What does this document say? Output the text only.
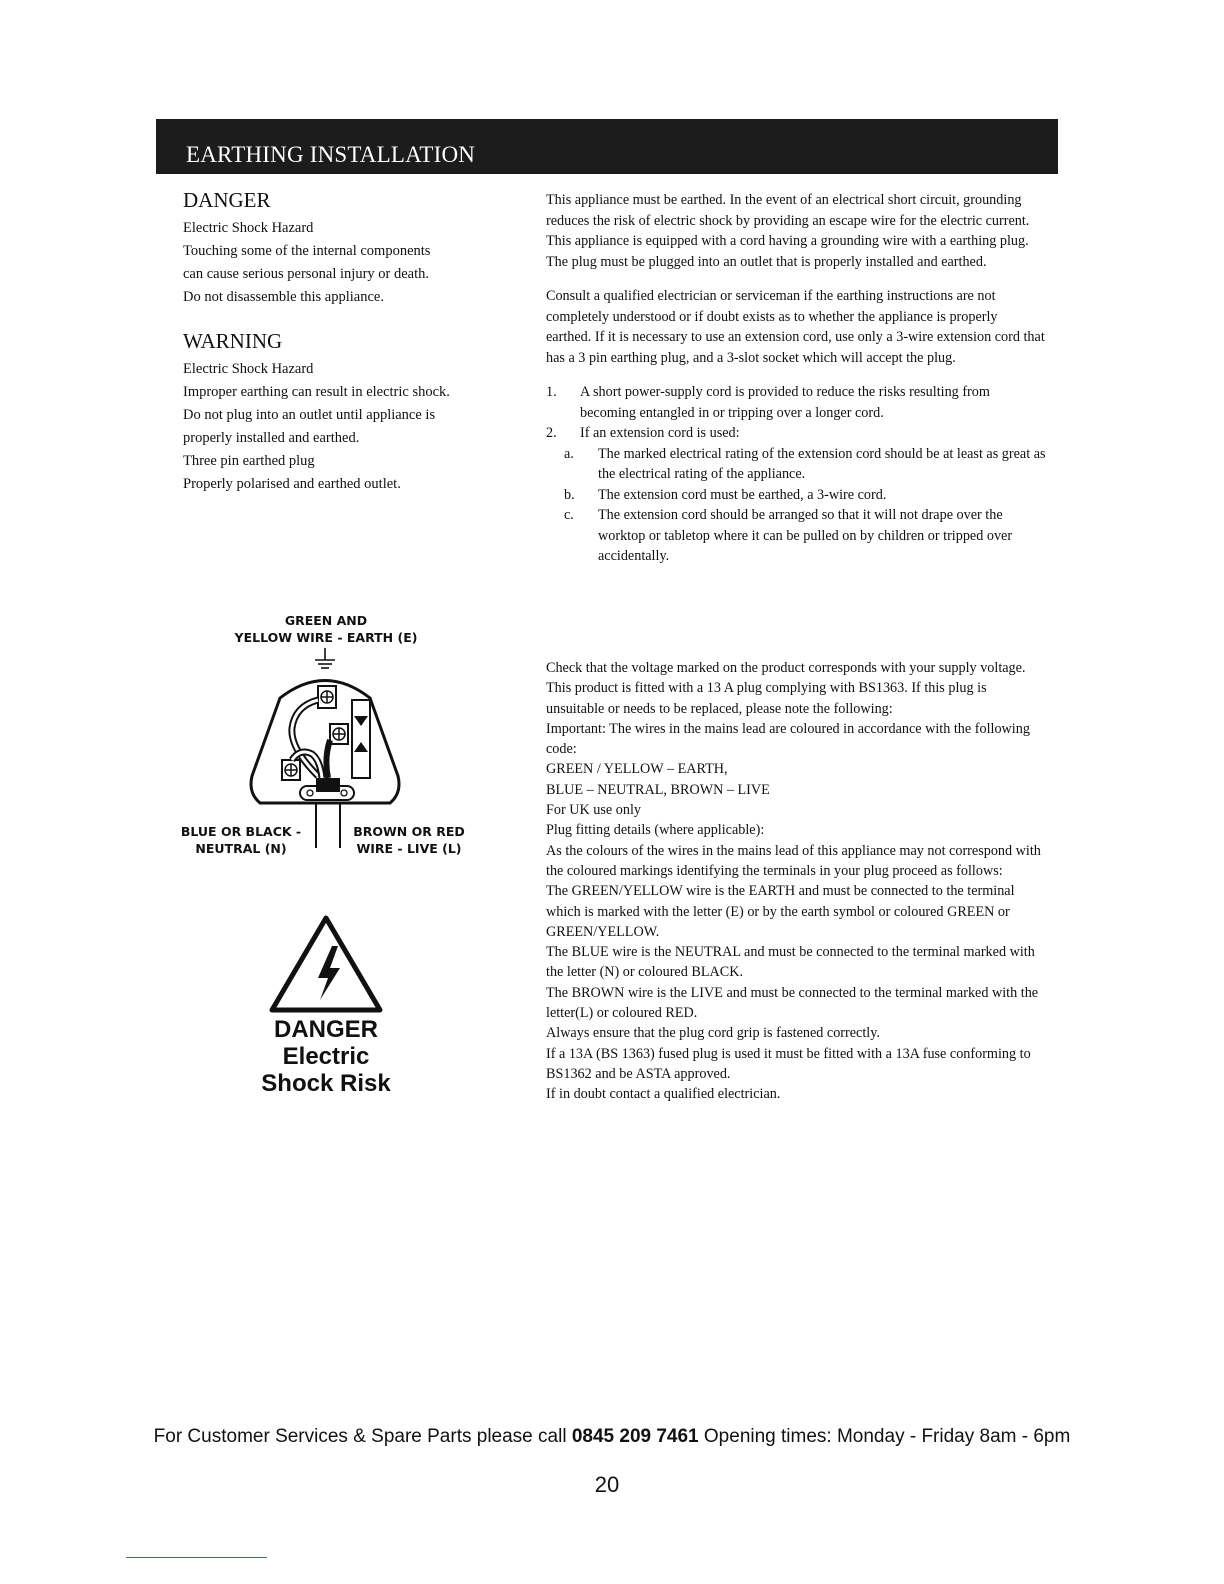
EARTHING INSTALLATION
DANGER
Electric Shock Hazard
Touching some of the internal components
can cause serious personal injury or death.
Do not disassemble this appliance.
WARNING
Electric Shock Hazard
Improper earthing can result in electric shock.
Do not plug into an outlet until appliance is
properly installed and earthed.
Three pin earthed plug
Properly polarised and earthed outlet.

This appliance must be earthed. In the event of an electrical short circuit, grounding reduces the risk of electric shock by providing an escape wire for the electric current. This appliance is equipped with a cord having a grounding wire with a earthing plug. The plug must be plugged into an outlet that is properly installed and earthed.

Consult a qualified electrician or serviceman if the earthing instructions are not completely understood or if doubt exists as to whether the appliance is properly earthed. If it is necessary to use an extension cord, use only a 3-wire extension cord that has a 3 pin earthing plug, and a 3-slot socket which will accept the plug.

1. A short power-supply cord is provided to reduce the risks resulting from becoming entangled in or tripping over a longer cord.
2. If an extension cord is used:
a. The marked electrical rating of the extension cord should be at least as great as the electrical rating of the appliance.
b. The extension cord must be earthed, a 3-wire cord.
c. The extension cord should be arranged so that it will not drape over the worktop or tabletop where it can be pulled on by children or tripped over accidentally.
Check that the voltage marked on the product corresponds with your supply voltage.
This product is fitted with a 13 A plug complying with BS1363. If this plug is unsuitable or needs to be replaced, please note the following:
Important: The wires in the mains lead are coloured in accordance with the following code:
GREEN / YELLOW – EARTH,
BLUE – NEUTRAL, BROWN – LIVE
For UK use only
Plug fitting details (where applicable):
As the colours of the wires in the mains lead of this appliance may not correspond with the coloured markings identifying the terminals in your plug proceed as follows:
The GREEN/YELLOW wire is the EARTH and must be connected to the terminal which is marked with the letter (E) or by the earth symbol or coloured GREEN or GREEN/YELLOW.
The BLUE wire is the NEUTRAL and must be connected to the terminal marked with the letter (N) or coloured BLACK.
The BROWN wire is the LIVE and must be connected to the terminal marked with the letter(L) or coloured RED.
Always ensure that the plug cord grip is fastened correctly.
If a 13A (BS 1363) fused plug is used it must be fitted with a 13A fuse conforming to BS1362 and be ASTA approved.
If in doubt contact a qualified electrician.
GREEN AND
YELLOW WIRE - EARTH (E)
BLUE OR BLACK -
NEUTRAL (N)
BROWN OR RED
WIRE - LIVE (L)
DANGER
Electric
Shock Risk
For Customer Services & Spare Parts please call 0845 209 7461 Opening times: Monday - Friday 8am - 6pm
20
